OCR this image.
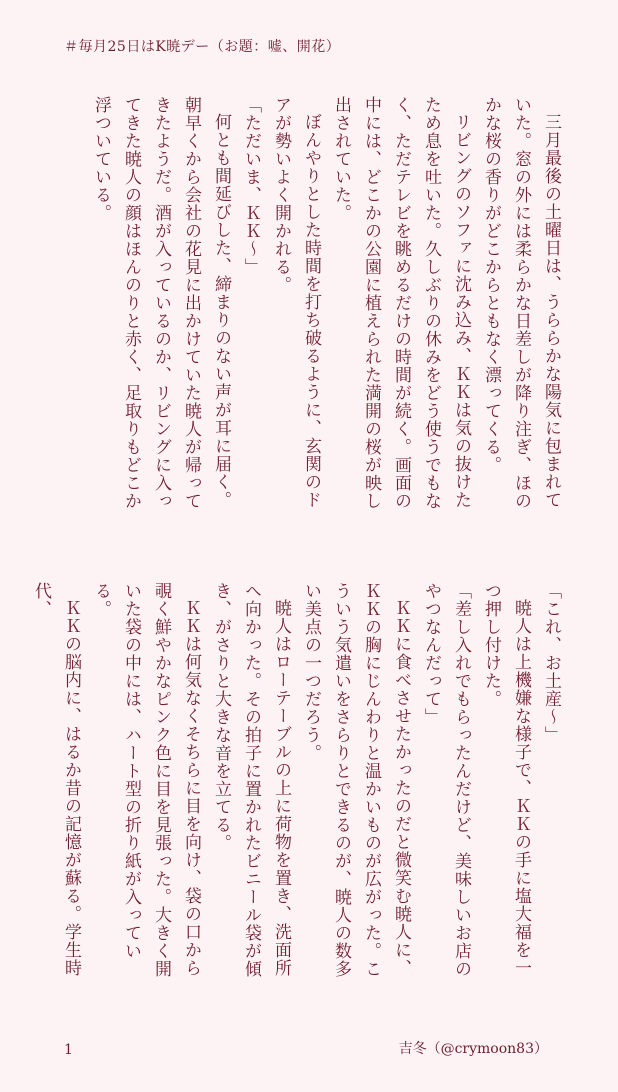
＃毎月25日はK暁デー（お題：嘘、開花）

三月最後の土曜日は、うららかな陽気に包まれていた。窓の外には柔らかな日差しが降り注ぎ、ほのかな桜の香りがどこからともなく漂ってくる。

リビングのソファに沈み込み、ＫＫは気の抜けたため息を吐いた。久しぶりの休みをどう使うでもなく、ただテレビを眺めるだけの時間が続く。画面の中には、どこかの公園に植えられた満開の桜が映し出されていた。

ぼんやりとした時間を打ち破るように、玄関のドアが勢いよく開かれる。

「ただいま、ＫＫ〜」

何とも間延びした、締まりのない声が耳に届く。朝早くから会社の花見に出かけていた暁人が帰ってきたようだ。酒が入っているのか、リビングに入ってきた暁人の顔はほんのりと赤く、足取りもどこか浮ついている。

「これ、お土産〜」

暁人は上機嫌な様子で、ＫＫの手に塩大福を一つ押し付けた。

「差し入れでもらったんだけど、美味しいお店のやつなんだって」

ＫＫに食べさせたかったのだと微笑む暁人に、ＫＫの胸にじんわりと温かいものが広がった。こういう気遣いをさらりとできるのが、暁人の数多い美点の一つだろう。

暁人はローテーブルの上に荷物を置き、洗面所へ向かった。その拍子に置かれたビニール袋が傾き、がさりと大きな音を立てる。

ＫＫは何気なくそちらに目を向け、袋の口から覗く鮮やかなピンク色に目を見張った。大きく開いた袋の中には、ハート型の折り紙が入っている。

ＫＫの脳内に、はるか昔の記憶が蘇る。学生時代、

1	吉冬（@crymoon83）
